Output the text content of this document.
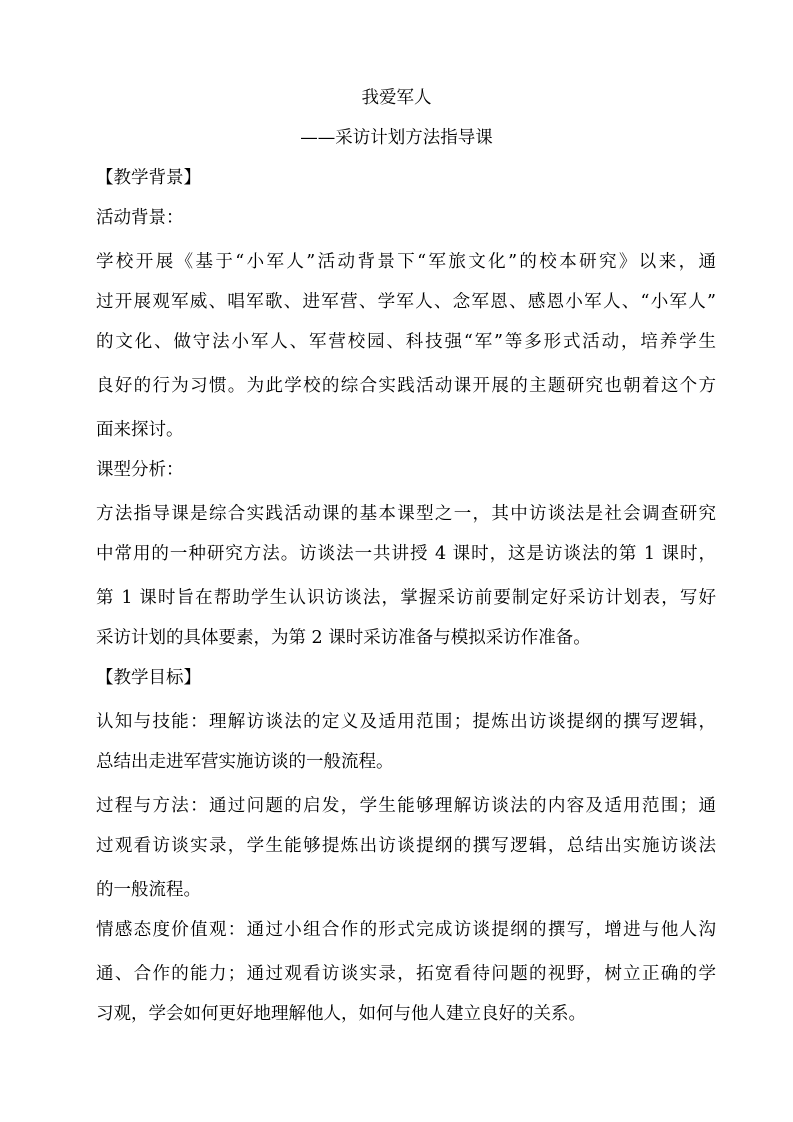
我爱军人
——采访计划方法指导课
【教学背景】
活动背景：
学校开展《基于“小军人”活动背景下“军旅文化”的校本研究》以来，通
过开展观军威、唱军歌、进军营、学军人、念军恩、感恩小军人、“小军人”
的文化、做守法小军人、军营校园、科技强“军”等多形式活动，培养学生
良好的行为习惯。为此学校的综合实践活动课开展的主题研究也朝着这个方
面来探讨。
课型分析：
方法指导课是综合实践活动课的基本课型之一，其中访谈法是社会调查研究
中常用的一种研究方法。访谈法一共讲授 4 课时，这是访谈法的第 1 课时，
第 1 课时旨在帮助学生认识访谈法，掌握采访前要制定好采访计划表，写好
采访计划的具体要素，为第 2 课时采访准备与模拟采访作准备。
【教学目标】
认知与技能：理解访谈法的定义及适用范围；提炼出访谈提纲的撰写逻辑，
总结出走进军营实施访谈的一般流程。
过程与方法：通过问题的启发，学生能够理解访谈法的内容及适用范围；通
过观看访谈实录，学生能够提炼出访谈提纲的撰写逻辑，总结出实施访谈法
的一般流程。
情感态度价值观：通过小组合作的形式完成访谈提纲的撰写，增进与他人沟
通、合作的能力；通过观看访谈实录，拓宽看待问题的视野，树立正确的学
习观，学会如何更好地理解他人，如何与他人建立良好的关系。
